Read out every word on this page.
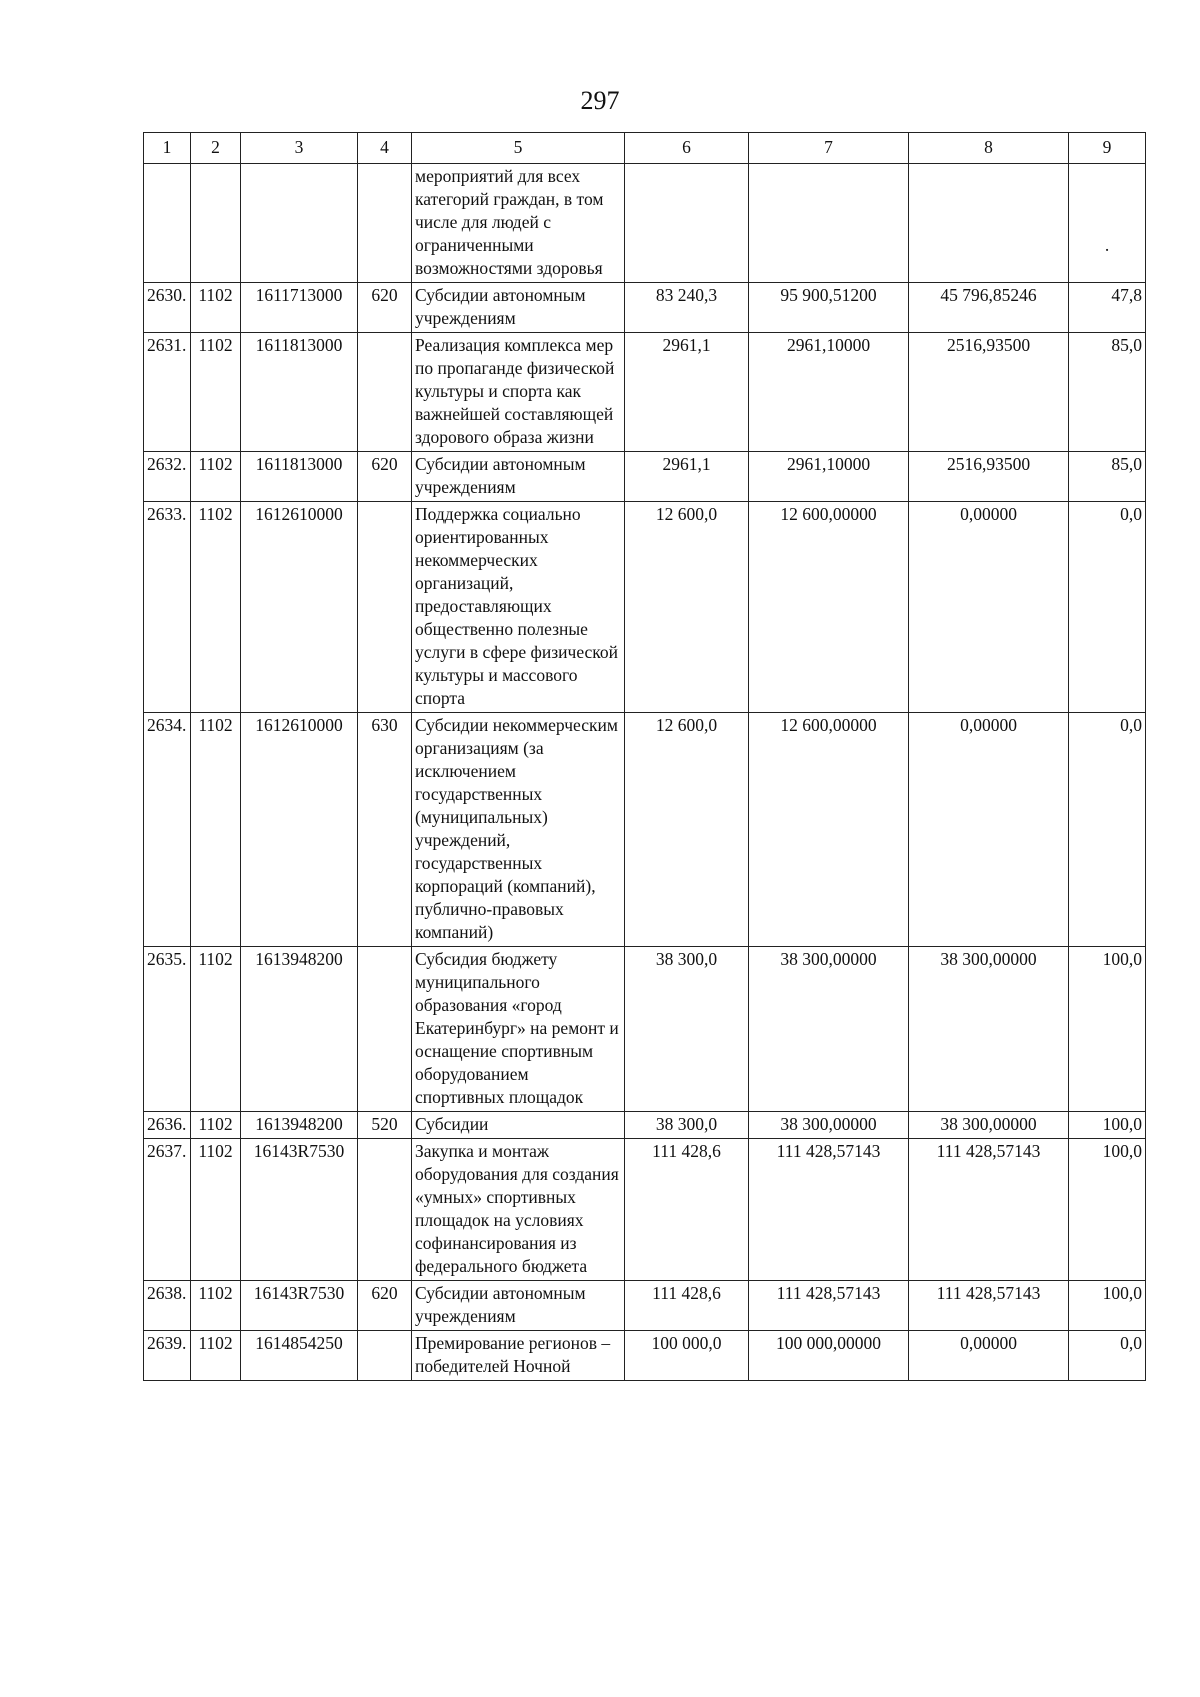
297
1	2	3	4	5	6	7	8	9
				мероприятий для всех категорий граждан, в том числе для людей с ограниченными возможностями здоровья				.
2630.	1102	1611713000	620	Субсидии автономным учреждениям	83 240,3	95 900,51200	45 796,85246	47,8
2631.	1102	1611813000		Реализация комплекса мер по пропаганде физической культуры и спорта как важнейшей составляющей здорового образа жизни	2961,1	2961,10000	2516,93500	85,0
2632.	1102	1611813000	620	Субсидии автономным учреждениям	2961,1	2961,10000	2516,93500	85,0
2633.	1102	1612610000		Поддержка социально ориентированных некоммерческих организаций, предоставляющих общественно полезные услуги в сфере физической культуры и массового спорта	12 600,0	12 600,00000	0,00000	0,0
2634.	1102	1612610000	630	Субсидии некоммерческим организациям (за исключением государственных (муниципальных) учреждений, государственных корпораций (компаний), публично-правовых компаний)	12 600,0	12 600,00000	0,00000	0,0
2635.	1102	1613948200		Субсидия бюджету муниципального образования «город Екатеринбург» на ремонт и оснащение спортивным оборудованием спортивных площадок	38 300,0	38 300,00000	38 300,00000	100,0
2636.	1102	1613948200	520	Субсидии	38 300,0	38 300,00000	38 300,00000	100,0
2637.	1102	16143R7530		Закупка и монтаж оборудования для создания «умных» спортивных площадок на условиях софинансирования из федерального бюджета	111 428,6	111 428,57143	111 428,57143	100,0
2638.	1102	16143R7530	620	Субсидии автономным учреждениям	111 428,6	111 428,57143	111 428,57143	100,0
2639.	1102	1614854250		Премирование регионов – победителей Ночной	100 000,0	100 000,00000	0,00000	0,0
